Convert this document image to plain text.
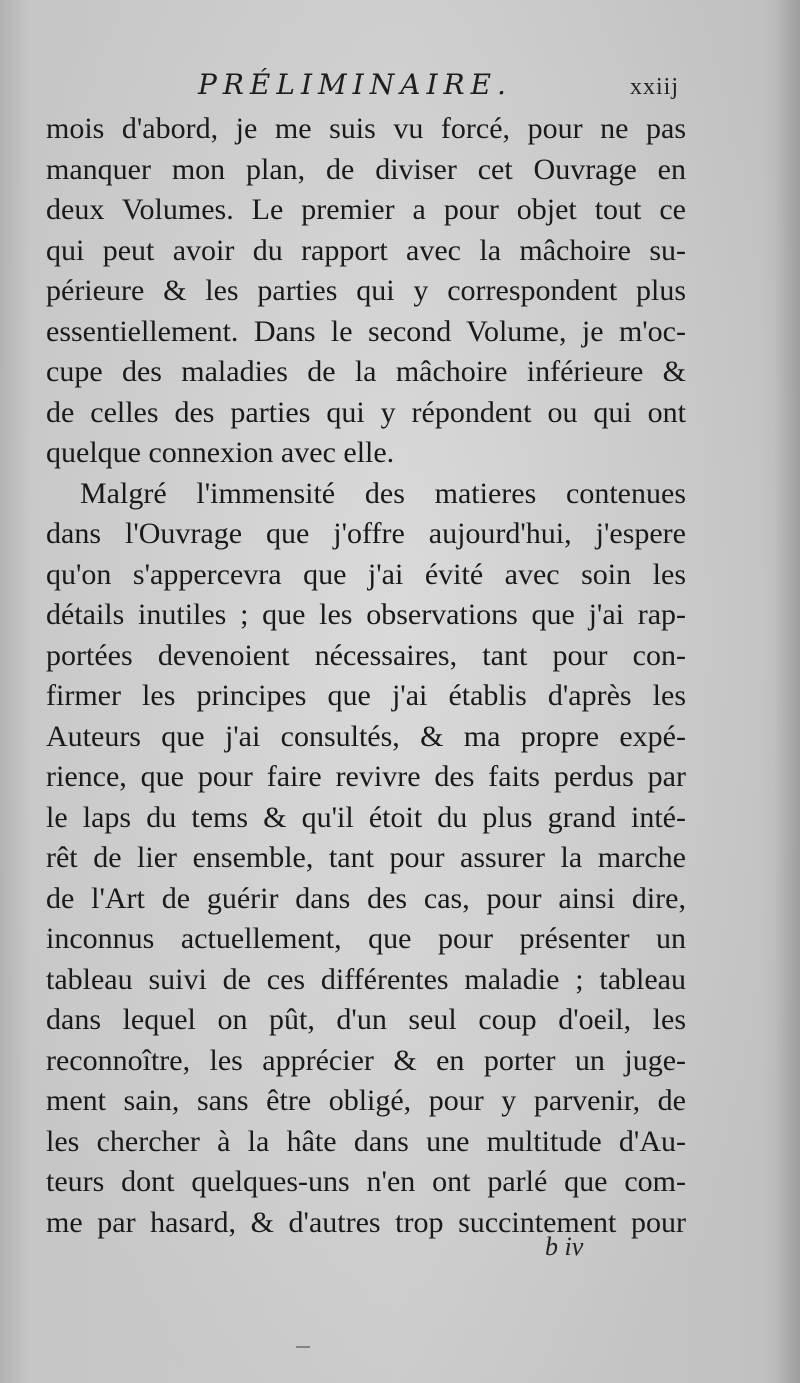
PRÉLIMINAIRE.	xxiij
mois d'abord, je me suis vu forcé, pour ne pas
manquer mon plan, de diviser cet Ouvrage en
deux Volumes. Le premier a pour objet tout ce
qui peut avoir du rapport avec la mâchoire su-
périeure & les parties qui y correspondent plus
essentiellement. Dans le second Volume, je m'oc-
cupe des maladies de la mâchoire inférieure &
de celles des parties qui y répondent ou qui ont
quelque connexion avec elle.
Malgré l'immensité des matieres contenues
dans l'Ouvrage que j'offre aujourd'hui, j'espere
qu'on s'appercevra que j'ai évité avec soin les
détails inutiles ; que les observations que j'ai rap-
portées devenoient nécessaires, tant pour con-
firmer les principes que j'ai établis d'après les
Auteurs que j'ai consultés, & ma propre expé-
rience, que pour faire revivre des faits perdus par
le laps du tems & qu'il étoit du plus grand inté-
rêt de lier ensemble, tant pour assurer la marche
de l'Art de guérir dans des cas, pour ainsi dire,
inconnus actuellement, que pour présenter un
tableau suivi de ces différentes maladie ; tableau
dans lequel on pût, d'un seul coup d'oeil, les
reconnoître, les apprécier & en porter un juge-
ment sain, sans être obligé, pour y parvenir, de
les chercher à la hâte dans une multitude d'Au-
teurs dont quelques-uns n'en ont parlé que com-
me par hasard, & d'autres trop succintement pour
b iv
